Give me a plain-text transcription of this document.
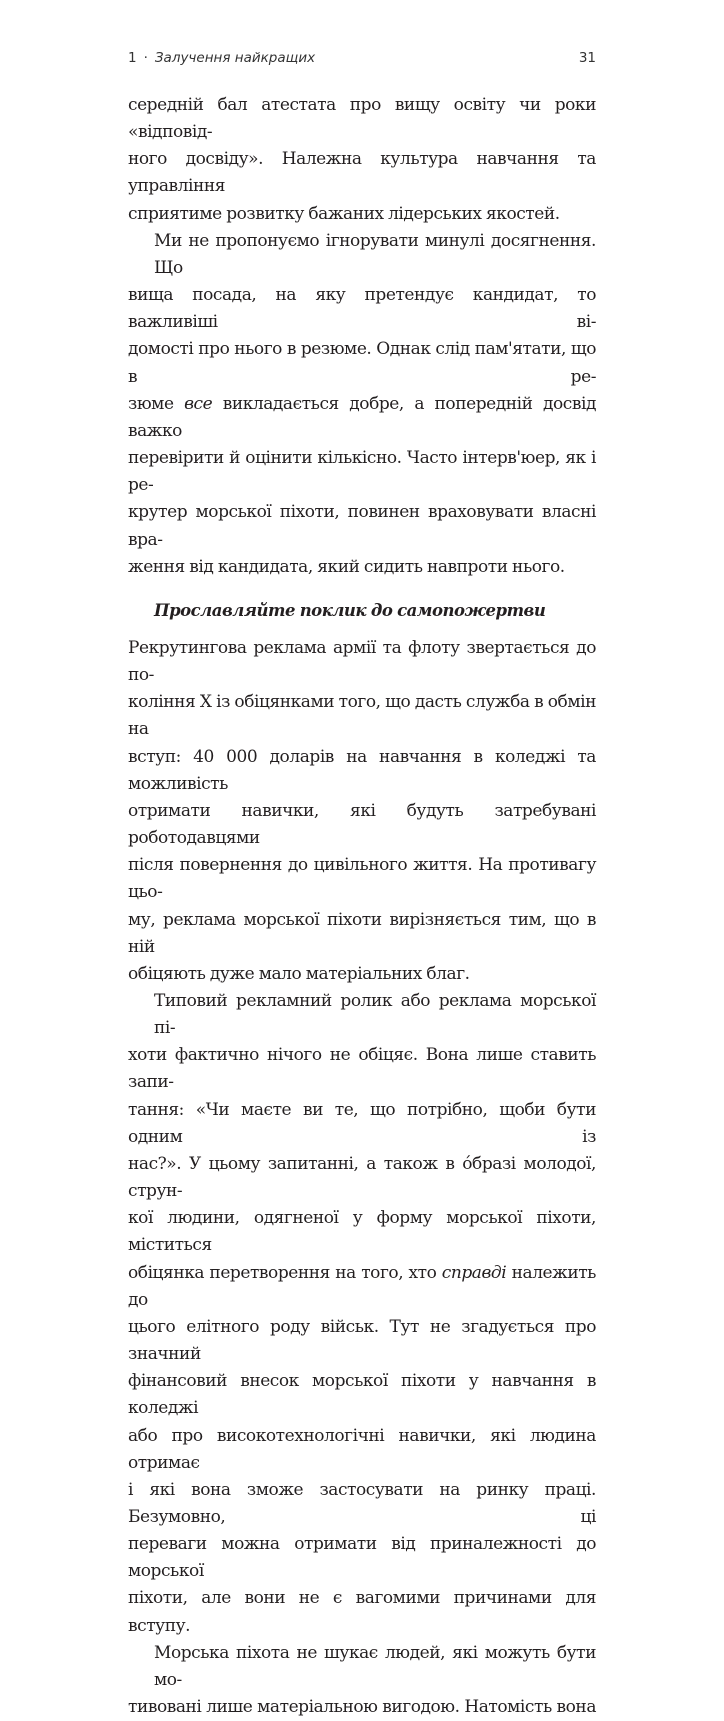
1 · Залучення найкращих	31

середній бал атестата про вищу освіту чи роки «відповід-
ного досвіду». Належна культура навчання та управління
сприятиме розвитку бажаних лідерських якостей.

Ми не пропонуємо ігнорувати минулі досягнення. Що
вища посада, на яку претендує кандидат, то важливіші ві-
домості про нього в резюме. Однак слід пам'ятати, що в ре-
зюме все викладається добре, а попередній досвід важко
перевірити й оцінити кількісно. Часто інтерв'юер, як і ре-
крутер морської піхоти, повинен враховувати власні вра-
ження від кандидата, який сидить навпроти нього.

Прославляйте поклик до самопожертви

Рекрутингова реклама армії та флоту звертається до по-
коління X із обіцянками того, що дасть служба в обмін на
вступ: 40 000 доларів на навчання в коледжі та можливість
отримати навички, які будуть затребувані роботодавцями
після повернення до цивільного життя. На противагу цьо-
му, реклама морської піхоти вирізняється тим, що в ній
обіцяють дуже мало матеріальних благ.

Типовий рекламний ролик або реклама морської пі-
хоти фактично нічого не обіцяє. Вона лише ставить запи-
тання: «Чи маєте ви те, що потрібно, щоби бути одним із
нас?». У цьому запитанні, а також в óбразі молодої, струн-
кої людини, одягненої у форму морської піхоти, міститься
обіцянка перетворення на того, хто справді належить до
цього елітного роду військ. Тут не згадується про значний
фінансовий внесок морської піхоти у навчання в коледжі
або про високотехнологічні навички, які людина отримає
і які вона зможе застосувати на ринку праці. Безумовно, ці
переваги можна отримати від приналежності до морської
піхоти, але вони не є вагомими причинами для вступу.

Морська піхота не шукає людей, які можуть бути мо-
тивовані лише матеріальною вигодою. Натомість вона
